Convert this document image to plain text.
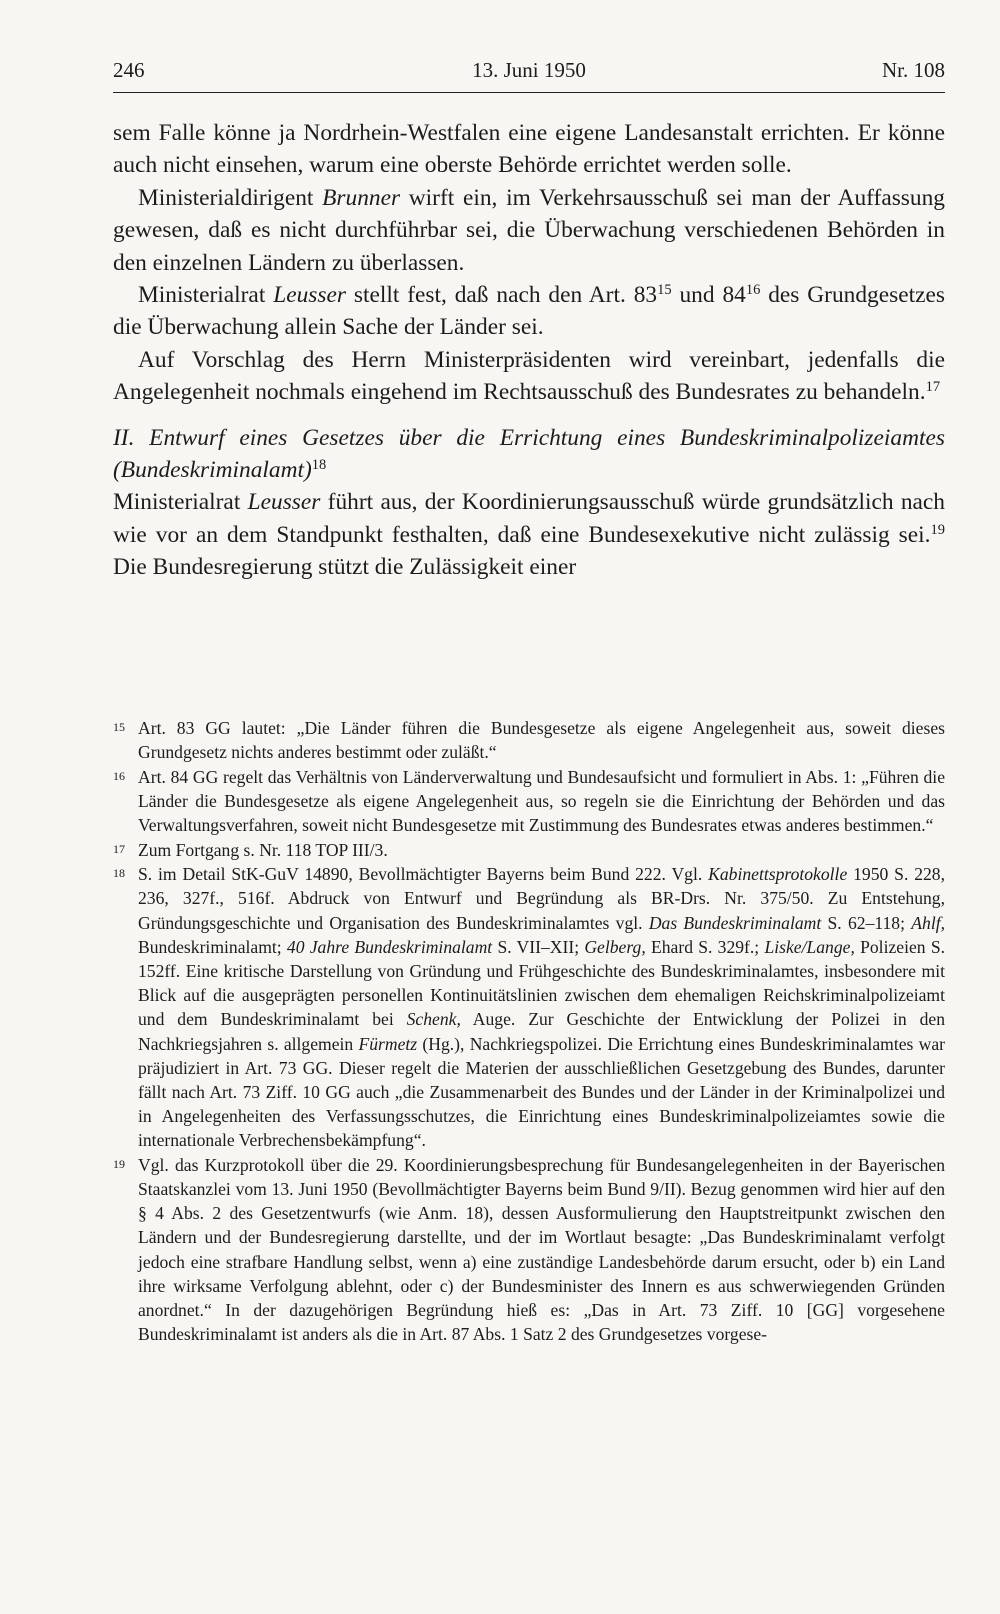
246	13. Juni 1950	Nr. 108

sem Falle könne ja Nordrhein-Westfalen eine eigene Landesanstalt errichten. Er könne auch nicht einsehen, warum eine oberste Behörde errichtet werden solle.

Ministerialdirigent Brunner wirft ein, im Verkehrsausschuß sei man der Auffassung gewesen, daß es nicht durchführbar sei, die Überwachung verschiedenen Behörden in den einzelnen Ländern zu überlassen.

Ministerialrat Leusser stellt fest, daß nach den Art. $83^{15}$ und $84^{16}$ des Grundgesetzes die Überwachung allein Sache der Länder sei.

Auf Vorschlag des Herrn Ministerpräsidenten wird vereinbart, jedenfalls die Angelegenheit nochmals eingehend im Rechtsausschuß des Bundesrates zu behandeln.$^{17}$

II. Entwurf eines Gesetzes über die Errichtung eines Bundeskriminalpolizeiamtes (Bundeskriminalamt)$^{18}$

Ministerialrat Leusser führt aus, der Koordinierungsausschuß würde grundsätzlich nach wie vor an dem Standpunkt festhalten, daß eine Bundesexekutive nicht zulässig sei.$^{19}$ Die Bundesregierung stützt die Zulässigkeit einer

15 Art. 83 GG lautet: „Die Länder führen die Bundesgesetze als eigene Angelegenheit aus, soweit dieses Grundgesetz nichts anderes bestimmt oder zuläßt.“
16 Art. 84 GG regelt das Verhältnis von Länderverwaltung und Bundesaufsicht und formuliert in Abs. 1: „Führen die Länder die Bundesgesetze als eigene Angelegenheit aus, so regeln sie die Einrichtung der Behörden und das Verwaltungsverfahren, soweit nicht Bundesgesetze mit Zustimmung des Bundesrates etwas anderes bestimmen.“
17 Zum Fortgang s. Nr. 118 TOP III/3.
18 S. im Detail StK-GuV 14890, Bevollmächtigter Bayerns beim Bund 222. Vgl. Kabinettsprotokolle 1950 S. 228, 236, 327f., 516f. Abdruck von Entwurf und Begründung als BR-Drs. Nr. 375/50. Zu Entstehung, Gründungsgeschichte und Organisation des Bundeskriminalamtes vgl. Das Bundeskriminalamt S. 62–118; Ahlf, Bundeskriminalamt; 40 Jahre Bundeskriminalamt S. VII–XII; Gelberg, Ehard S. 329f.; Liske/Lange, Polizeien S. 152ff. Eine kritische Darstellung von Gründung und Frühgeschichte des Bundeskriminalamtes, insbesondere mit Blick auf die ausgeprägten personellen Kontinuitätslinien zwischen dem ehemaligen Reichskriminalpolizeiamt und dem Bundeskriminalamt bei Schenk, Auge. Zur Geschichte der Entwicklung der Polizei in den Nachkriegsjahren s. allgemein Fürmetz (Hg.), Nachkriegspolizei. Die Errichtung eines Bundeskriminalamtes war präjudiziert in Art. 73 GG. Dieser regelt die Materien der ausschließlichen Gesetzgebung des Bundes, darunter fällt nach Art. 73 Ziff. 10 GG auch „die Zusammenarbeit des Bundes und der Länder in der Kriminalpolizei und in Angelegenheiten des Verfassungsschutzes, die Einrichtung eines Bundeskriminalpolizeiamtes sowie die internationale Verbrechensbekämpfung“.
19 Vgl. das Kurzprotokoll über die 29. Koordinierungsbesprechung für Bundesangelegenheiten in der Bayerischen Staatskanzlei vom 13. Juni 1950 (Bevollmächtigter Bayerns beim Bund 9/II). Bezug genommen wird hier auf den § 4 Abs. 2 des Gesetzentwurfs (wie Anm. 18), dessen Ausformulierung den Hauptstreitpunkt zwischen den Ländern und der Bundesregierung darstellte, und der im Wortlaut besagte: „Das Bundeskriminalamt verfolgt jedoch eine strafbare Handlung selbst, wenn a) eine zuständige Landesbehörde darum ersucht, oder b) ein Land ihre wirksame Verfolgung ablehnt, oder c) der Bundesminister des Innern es aus schwerwiegenden Gründen anordnet.“ In der dazugehörigen Begründung hieß es: „Das in Art. 73 Ziff. 10 [GG] vorgesehene Bundeskriminalamt ist anders als die in Art. 87 Abs. 1 Satz 2 des Grundgesetzes vorgese-
